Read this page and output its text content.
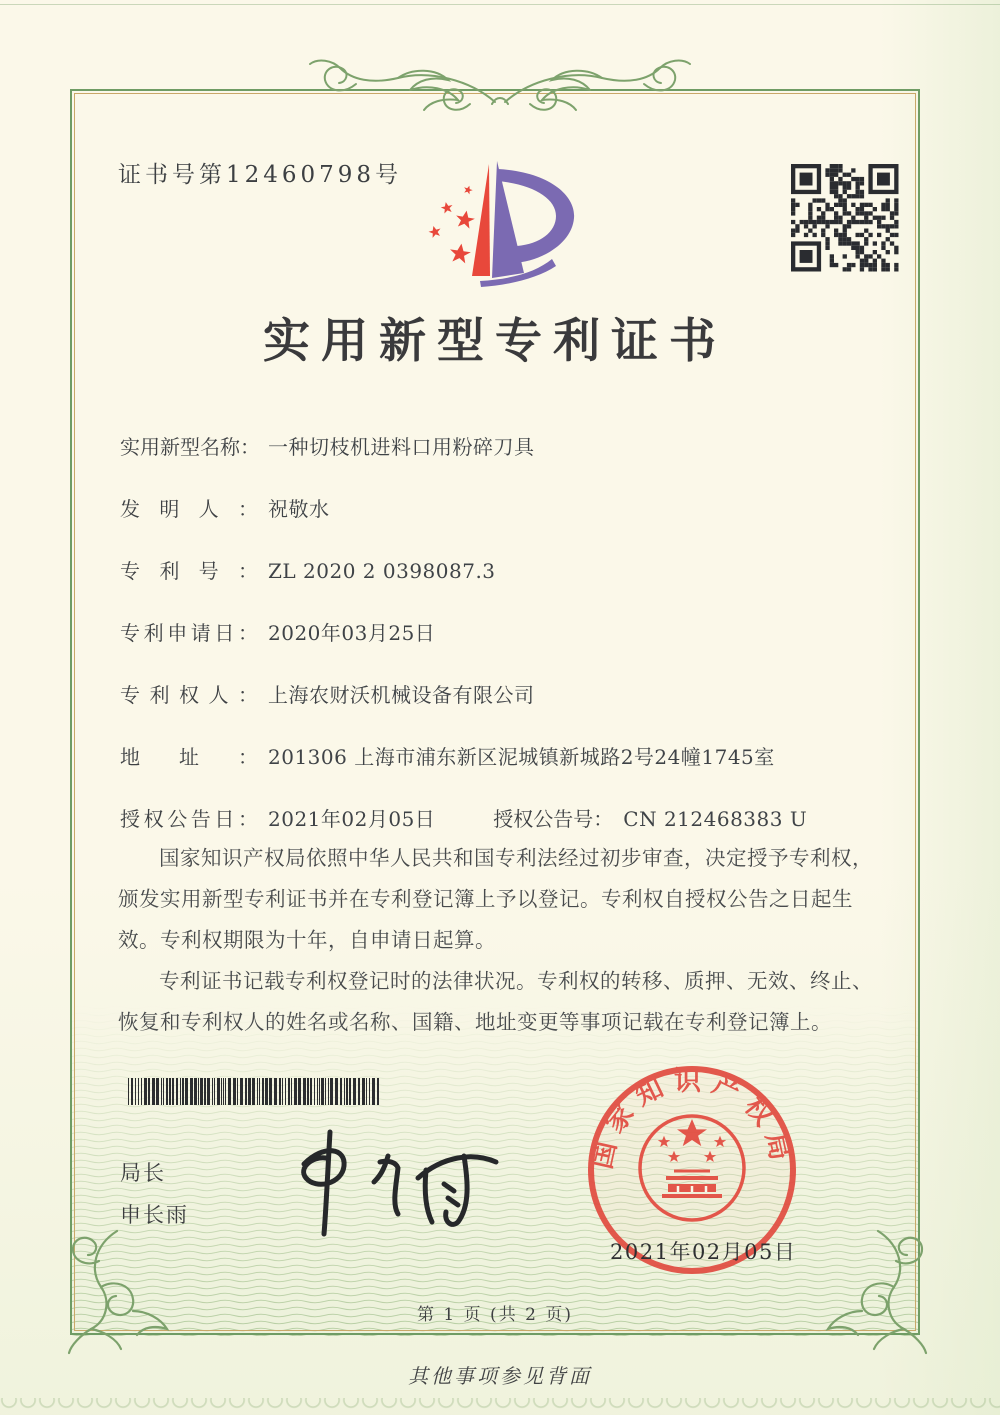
证书号第12460798号
实用新型专利证书
实用新型名称： 一种切枝机进料口用粉碎刀具
发明人： 祝敬水
专利号： ZL 2020 2 0398087.3
专利申请日： 2020年03月25日
专利权人： 上海农财沃机械设备有限公司
地址： 201306 上海市浦东新区泥城镇新城路2号24幢1745室
授权公告日： 2021年02月05日	授权公告号： CN 212468383 U

国家知识产权局依照中华人民共和国专利法经过初步审查，决定授予专利权，颁发实用新型专利证书并在专利登记簿上予以登记。专利权自授权公告之日起生效。专利权期限为十年，自申请日起算。

专利证书记载专利权登记时的法律状况。专利权的转移、质押、无效、终止、恢复和专利权人的姓名或名称、国籍、地址变更等事项记载在专利登记簿上。

局长
申长雨
国家知识产权局
2021年02月05日
第 1 页 (共 2 页)
其他事项参见背面
